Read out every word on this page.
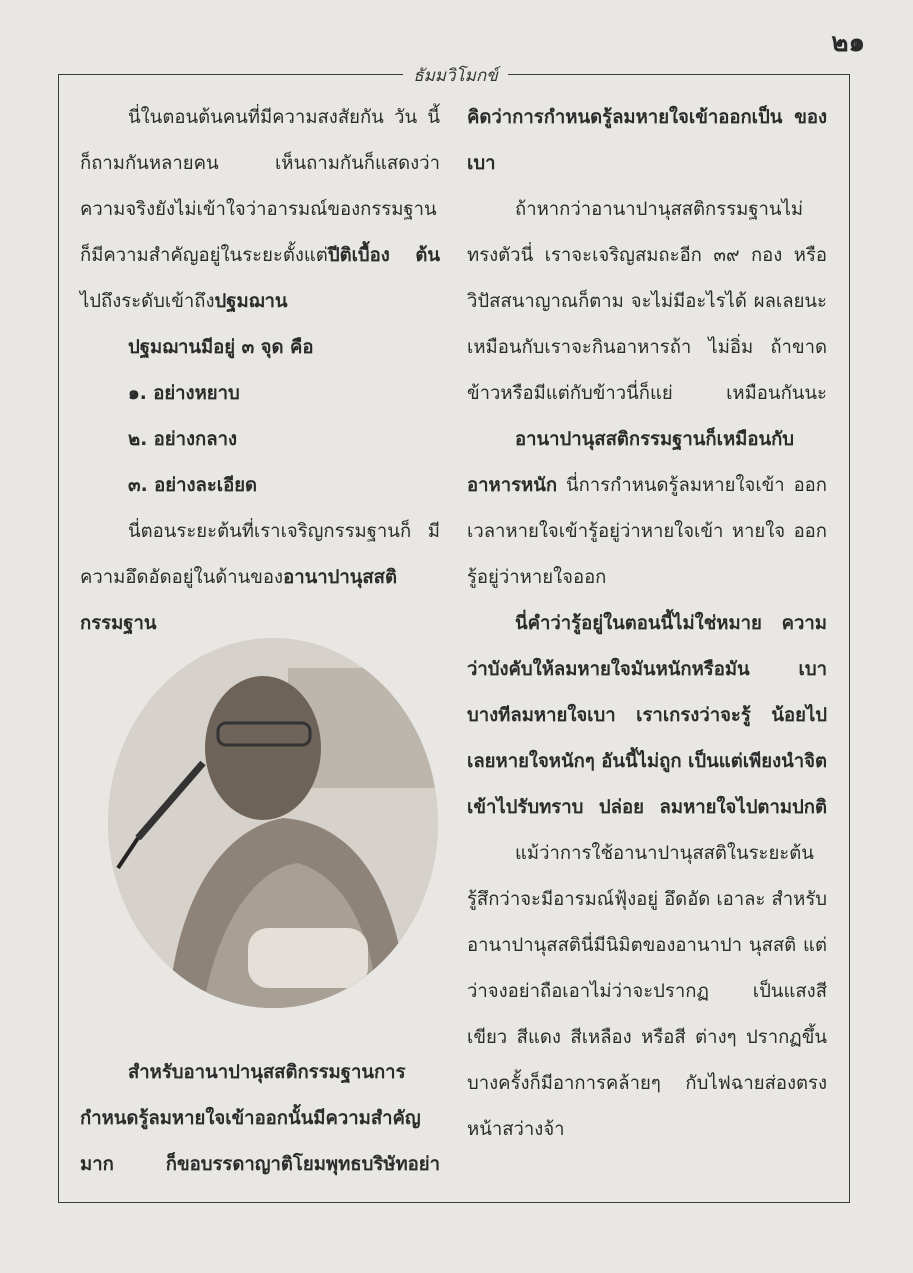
๒๑
ธัมมวิโมกข์

นี่ในตอนต้นคนที่มีความสงสัยกัน วัน นี้ก็ถามกันหลายคน เห็นถามกันก็แสดงว่า ความจริงยังไม่เข้าใจว่าอารมณ์ของกรรมฐาน ก็มีความสำคัญอยู่ในระยะตั้งแต่ปีติเบื้อง ต้น ไปถึงระดับเข้าถึงปฐมฌาน

ปฐมฌานมีอยู่ ๓ จุด คือ

๑. อย่างหยาบ

๒. อย่างกลาง

๓. อย่างละเอียด

นี่ตอนระยะต้นที่เราเจริญกรรมฐานก็ มีความอึดอัดอยู่ในด้านของอานาปานุสสติ กรรมฐาน

สำหรับอานาปานุสสติกรรมฐานการ กำหนดรู้ลมหายใจเข้าออกนั้นมีความสำคัญ มาก ก็ขอบรรดาญาติโยมพุทธบริษัทอย่า

คิดว่าการกำหนดรู้ลมหายใจเข้าออกเป็น ของเบา

ถ้าหากว่าอานาปานุสสติกรรมฐานไม่ ทรงตัวนี่ เราจะเจริญสมถะอีก ๓๙ กอง หรือวิปัสสนาญาณก็ตาม จะไม่มีอะไรได้ ผลเลยนะ เหมือนกับเราจะกินอาหารถ้า ไม่อิ่ม ถ้าขาดข้าวหรือมีแต่กับข้าวนี่ก็แย่ เหมือนกันนะ

อานาปานุสสติกรรมฐานก็เหมือนกับ อาหารหนัก นี่การกำหนดรู้ลมหายใจเข้า ออก เวลาหายใจเข้ารู้อยู่ว่าหายใจเข้า หายใจ ออกรู้อยู่ว่าหายใจออก

นี่คำว่ารู้อยู่ในตอนนี้ไม่ใช่หมาย ความว่าบังคับให้ลมหายใจมันหนักหรือมัน เบา บางทีลมหายใจเบา เราเกรงว่าจะรู้ น้อยไป เลยหายใจหนักๆ อันนี้ไม่ถูก เป็นแต่เพียงนำจิตเข้าไปรับทราบ ปล่อย ลมหายใจไปตามปกติ

แม้ว่าการใช้อานาปานุสสติในระยะต้น รู้สึกว่าจะมีอารมณ์ฟุ้งอยู่ อึดอัด เอาละ สำหรับอานาปานุสสตินี่มีนิมิตของอานาปา นุสสติ แต่ว่าจงอย่าถือเอาไม่ว่าจะปรากฏ เป็นแสงสีเขียว สีแดง สีเหลือง หรือสี ต่างๆ ปรากฏขึ้น บางครั้งก็มีอาการคล้ายๆ กับไฟฉายส่องตรงหน้าสว่างจ้า
